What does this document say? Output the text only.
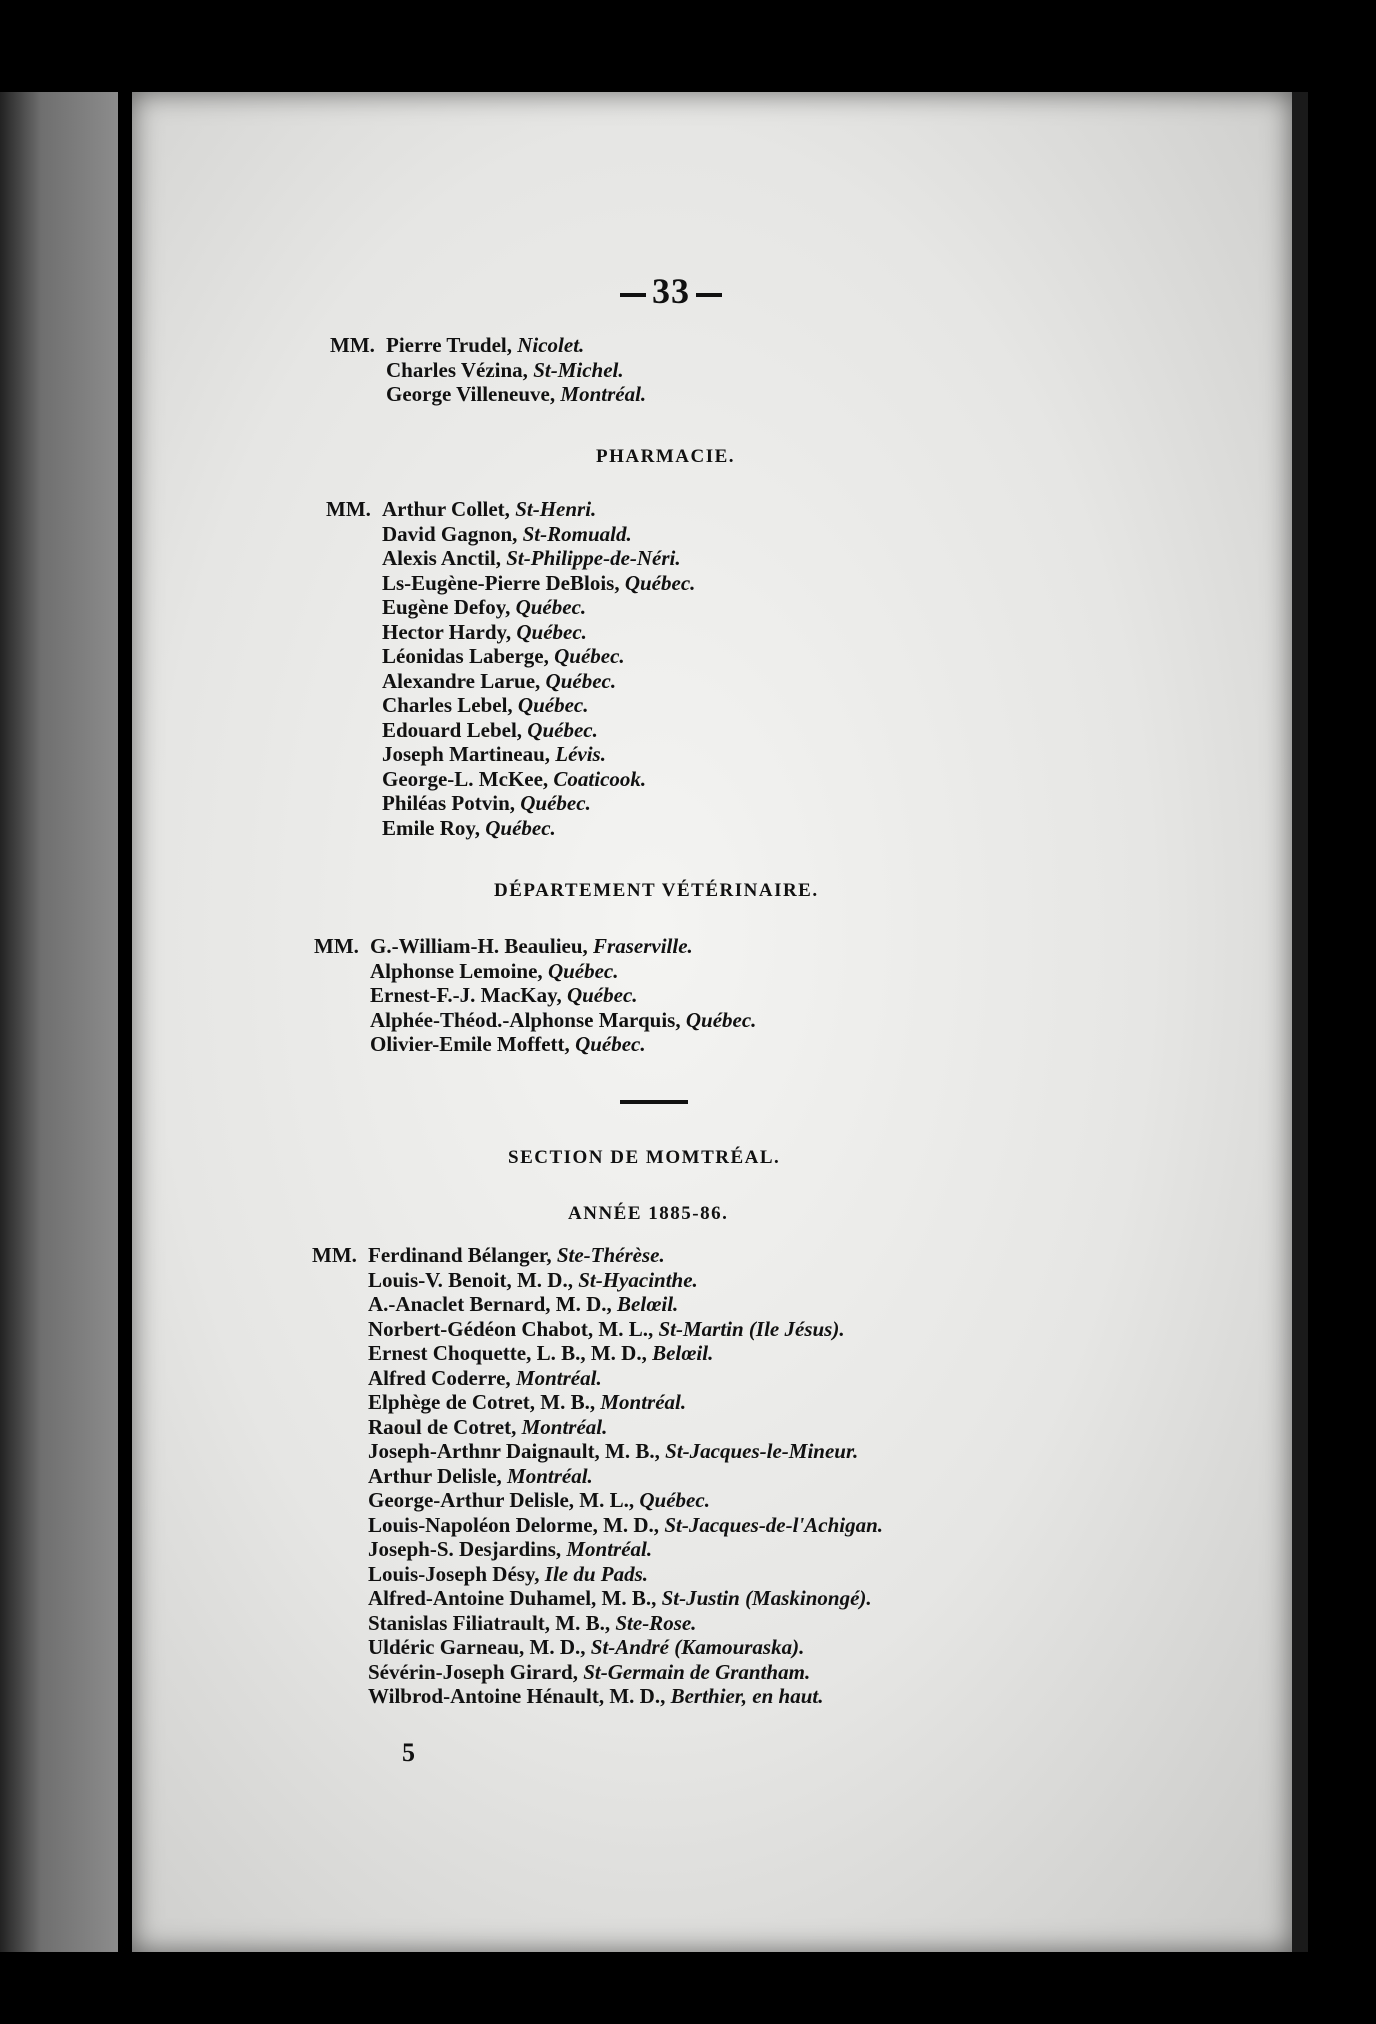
33
MM. Pierre Trudel, Nicolet.
Charles Vézina, St-Michel.
George Villeneuve, Montréal.
PHARMACIE.
MM. Arthur Collet, St-Henri.
David Gagnon, St-Romuald.
Alexis Anctil, St-Philippe-de-Néri.
Ls-Eugène-Pierre DeBlois, Québec.
Eugène Defoy, Québec.
Hector Hardy, Québec.
Léonidas Laberge, Québec.
Alexandre Larue, Québec.
Charles Lebel, Québec.
Edouard Lebel, Québec.
Joseph Martineau, Lévis.
George-L. McKee, Coaticook.
Philéas Potvin, Québec.
Emile Roy, Québec.
DÉPARTEMENT VÉTÉRINAIRE.
MM. G.-William-H. Beaulieu, Fraserville.
Alphonse Lemoine, Québec.
Ernest-F.-J. MacKay, Québec.
Alphée-Théod.-Alphonse Marquis, Québec.
Olivier-Emile Moffett, Québec.
SECTION DE MOMTRÉAL.
ANNÉE 1885-86.
MM. Ferdinand Bélanger, Ste-Thérèse.
Louis-V. Benoit, M. D., St-Hyacinthe.
A.-Anaclet Bernard, M. D., Belœil.
Norbert-Gédéon Chabot, M. L., St-Martin (Ile Jésus).
Ernest Choquette, L. B., M. D., Belœil.
Alfred Coderre, Montréal.
Elphège de Cotret, M. B., Montréal.
Raoul de Cotret, Montréal.
Joseph-Arthnr Daignault, M. B., St-Jacques-le-Mineur.
Arthur Delisle, Montréal.
George-Arthur Delisle, M. L., Québec.
Louis-Napoléon Delorme, M. D., St-Jacques-de-l'Achigan.
Joseph-S. Desjardins, Montréal.
Louis-Joseph Désy, Ile du Pads.
Alfred-Antoine Duhamel, M. B., St-Justin (Maskinongé).
Stanislas Filiatrault, M. B., Ste-Rose.
Uldéric Garneau, M. D., St-André (Kamouraska).
Sévérin-Joseph Girard, St-Germain de Grantham.
Wilbrod-Antoine Hénault, M. D., Berthier, en haut.
5
